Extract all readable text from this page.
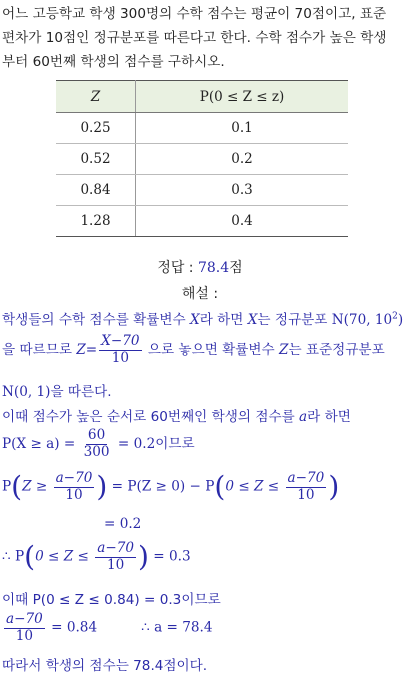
어느 고등학교 학생 300명의 수학 점수는 평균이 70점이고, 표준
편차가 10점인 정규분포를 따른다고 한다. 수학 점수가 높은 학생
부터 60번째 학생의 점수를 구하시오.
Z	P(0 ≤ Z ≤ z)
0.25	0.1
0.52	0.2
0.84	0.3
1.28	0.4
정답 : 78.4점
해설 :
학생들의 수학 점수를 확률변수 X라 하면 X는 정규분포 N(70, $10^2$)
을 따르므로 $Z= \frac{X-70}{10}$ 으로 놓으면 확률변수 Z는 표준정규분포
N(0, 1)을 따른다.
이때 점수가 높은 순서로 60번째인 학생의 점수를 a라 하면
$P(X \ge a) = \frac{60}{300} = 0.2$이므로
$P(Z \ge \frac{a-70}{10}$ ) = $P(Z \ge 0) - P(0 \le Z \le \frac{a-70}{10}$ )
= 0.2
∴ $P(0 \le Z \le \frac{a-70}{10}$ ) = 0.3
이때 P(0 ≤ Z ≤ 0.84) = 0.3이므로
$\frac{a-70}{10} = 0.84$	∴ a = 78.4
따라서 학생의 점수는 78.4점이다.
